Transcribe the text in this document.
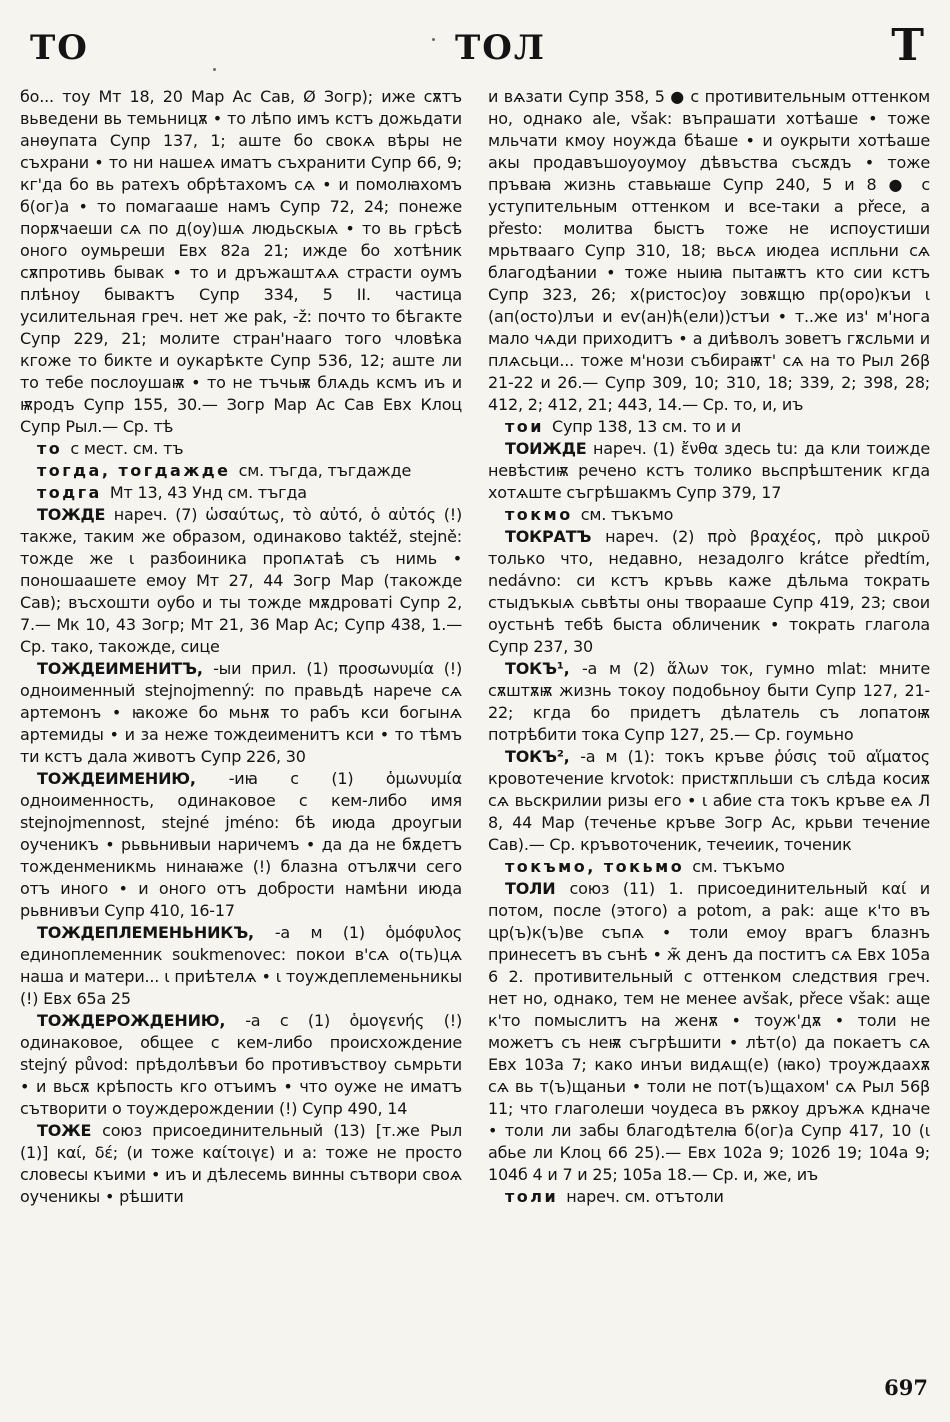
ТО	ТОЛ	Т

бо... тоу Мт 18, 20 Мар Ас Сав, Ø Зогр); иже сѫтъ вьведени вь темьницѫ • то лѣпо имъ кстъ дожьдати анѳупата Супр 137, 1; аште бо свокѧ вѣры не съхрани • то ни нашеѧ иматъ съхранити Супр 66, 9; кг'да бо вь ратехъ обрѣтахомъ сѧ • и помолꙗхомъ б(ог)а • то помагааше намъ Супр 72, 24; понеже порѫчаеши сѧ по д(оу)шѧ людьскыѧ • то вь грѣсѣ оного оумьреши Евх 82а 21; ижде бо хотѣник сѫпротивь бывак • то и дръжаштѧѧ страсти оумъ плѣноу бывактъ Супр 334, 5 II. частица усилительная греч. нет же pak, -ž: почто то бѣгакте Супр 229, 21; молите стран'нааго того чловѣка кгоже то бикте и оукарѣкте Супр 536, 12; аште ли то тебе послоушаѭ • то не тъчьѭ блѧдь ксмъ иъ и ѭродъ Супр 155, 30.— Зогр Мар Ас Сав Евх Клоц Супр Рыл.— Ср. тѣ

то с мест. см. тъ

тогда, тогдажде см. тъгда, тъгдажде

тодга Мт 13, 43 Унд см. тъгда

ТОЖДЕ нареч. (7) ὡσαύτως, τὸ αὐτό, ὁ αὐτός (!) также, таким же образом, одинаково taktéž, stejně: тожде же ι разбоиника пропѧтаѣ съ нимь • поношаашете емоу Мт 27, 44 Зогр Мар (такожде Сав); въсхошти оубо и ты тожде мѫдроваті Супр 2, 7.— Мк 10, 43 Зогр; Мт 21, 36 Мар Ас; Супр 438, 1.— Ср. тако, такожде, сице

ТОЖДЕИМЕНИТЪ, -ыи прил. (1) προσωνυμία (!) одноименный stejnojmenný: по правьдѣ нарече сѧ артемонъ • ꙗкоже бо мьнѫ то рабъ кси богынѧ артемиды • и за неже тождеименитъ кси • то тѣмъ ти кстъ дала животъ Супр 226, 30

ТОЖДЕИМЕНИЮ, -иꙗ с (1) ὁμωνυμία одноименность, одинаковое с кем-либо имя stejnojmennost, stejné jméno: бѣ июда дроугыи оученикъ • рьвьнивыи наричемъ • да да не бѫдетъ тожденменикмь нинаꙗже (!) блазна отълѫчи сего отъ иного • и оного отъ добрости намѣни июда рьвнивъи Супр 410, 16-17

ТОЖДЕПЛЕМЕНЬНИКЪ, -а м (1) ὁμόφυλος единоплеменник soukmenovec: покои в'сѧ о(ть)цѧ наша и матери... ι приѣтелѧ • ι тоуждеплеменьникы (!) Евх 65а 25

ТОЖДЕРОЖДЕНИЮ, -а с (1) ὁμογενής (!) одинаковое, общее с кем-либо происхождение stejný původ: прѣдолѣвъи бо противъствоу сьмрьти • и вьсѫ крѣпость кго отъимъ • что оуже не иматъ сътворити о тоуждерождении (!) Супр 490, 14

ТОЖЕ союз присоединительный (13) [т.же Рыл (1)] καί, δέ; (и тоже καίτοιγε) и а: тоже не просто словесы къими • иъ и дѣлесемь винны сътвори своѧ оученикы • рѣшити

и вѧзати Супр 358, 5 ● с противительным оттенком но, однако ale, však: въпрашати хотѣаше • тоже мльчати кмоу ноужда бѣаше • и оукрыти хотѣаше акы продавъшоуоумоу дѣвъства съсѫдъ • тоже пръваꙗ жизнь ставьꙗше Супр 240, 5 и 8 ● с уступительным оттенком и все-таки a přece, a přesto: молитва быстъ тоже не испоустиши мрьтвааго Супр 310, 18; вьсѧ июдеа испльни сѧ благодѣании • тоже ныиꙗ пытаѭтъ кто сии кстъ Супр 323, 26; х(ристос)оу зовѫщю пр(оро)къи ι (ап(осто)лъи и еѵ(ан)ћ(ели))стъи • т..же из' м'нога мало чѧди приходитъ • а диѣволъ зоветъ гѫсльми и плѧсьци... тоже м'нози събираѭт' сѧ на то Рыл 26β 21-22 и 26.— Супр 309, 10; 310, 18; 339, 2; 398, 28; 412, 2; 412, 21; 443, 14.— Ср. то, и, иъ

тои Супр 138, 13 см. то и и

ТОИЖДЕ нареч. (1) ἔνθα здесь tu: да кли тоижде невѣстиѭ речено кстъ толико вьспрѣштеник кгда хотѧште съгрѣшакмъ Супр 379, 17

токмо см. тъкъмо

ТОКРАТЪ нареч. (2) πρὸ βραχέος, πρὸ μικροῦ только что, недавно, незадолго krátce předtím, nedávno: си кстъ кръвь каже дѣльма тократь стыдъкыѧ сьвѣты оны творааше Супр 419, 23; свои оустьнѣ тебѣ быста обличеник • тократь глагола Супр 237, 30

ТОКЪ¹, -а м (2) ἅλων ток, гумно mlat: мните сѫштѫѭ жизнь токоу подобьноу быти Супр 127, 21-22; кгда бо придетъ дѣлатель съ лопатоѭ потрѣбити тока Супр 127, 25.— Ср. гоумьно

ТОКЪ², -а м (1): токъ кръве ῥύσις τοῦ αἵματος кровотечение krvotok: пристѫпльши съ слѣда косиѫ сѧ вьскрилии ризы его • ι абие ста токъ кръве еѧ Л 8, 44 Мар (теченье кръве Зогр Ас, крьви течение Сав).— Ср. кръвоточеник, течеиик, точеник

токъмо, токьмо см. тъкъмо

ТОЛИ союз (11) 1. присоединительный καί и потом, после (этого) a potom, a pak: аще к'то въ цр(ъ)к(ъ)ве съпѧ • толи емоу врагъ блазнъ принесетъ въ сънѣ • ж̃ денъ да поститъ сѧ Евх 105а 6 2. противительный с оттенком следствия греч. нет но, однако, тем не менее avšak, přece však: аще к'то помыслитъ на женѫ • тоуж'дѫ • толи не можетъ съ неѭ съгрѣшити • лѣт(о) да покаетъ сѧ Евх 103а 7; како инъи видѧщ(е) (ꙗко) троуждаахѫ сѧ вь т(ъ)щаньи • толи не пот(ъ)щахом' сѧ Рыл 56β 11; что глаголеши чоудеса въ рѫкоу дръжѧ кдначе • толи ли забы благодѣтелꙗ б(ог)а Супр 417, 10 (ι абье ли Клоц 66 25).— Евх 102а 9; 102б 19; 104а 9; 104б 4 и 7 и 25; 105а 18.— Ср. и, же, иъ

толи нареч. см. отътоли

697
